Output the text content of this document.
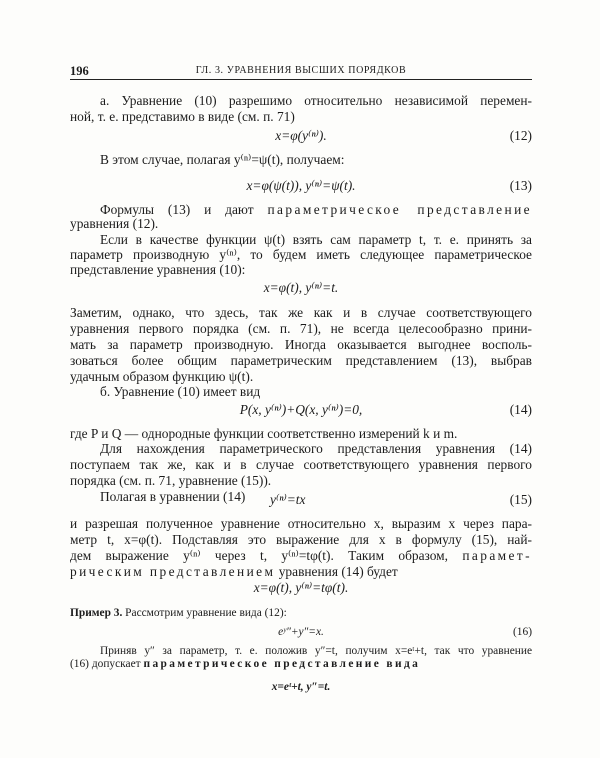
196	ГЛ. 3. УРАВНЕНИЯ ВЫСШИХ ПОРЯДКОВ
а. Уравнение (10) разрешимо относительно независимой перемен-
ной, т. е. представимо в виде (см. п. 71)
x=φ(y⁽ⁿ⁾).	(12)
В этом случае, полагая y⁽ⁿ⁾=ψ(t), получаем:
x=φ(ψ(t)), y⁽ⁿ⁾=ψ(t).	(13)
Формулы (13) и дают параметрическое представление
уравнения (12).
Если в качестве функции ψ(t) взять сам параметр t, т. е. принять за
параметр производную y⁽ⁿ⁾, то будем иметь следующее параметрическое
представление уравнения (10):
x=φ(t), y⁽ⁿ⁾=t.
Заметим, однако, что здесь, так же как и в случае соответствующего
уравнения первого порядка (см. п. 71), не всегда целесообразно прини-
мать за параметр производную. Иногда оказывается выгоднее восполь-
зоваться более общим параметрическим представлением (13), выбрав
удачным образом функцию ψ(t).
б. Уравнение (10) имеет вид
P(x, y⁽ⁿ⁾)+Q(x, y⁽ⁿ⁾)=0,	(14)
где P и Q — однородные функции соответственно измерений k и m.
Для нахождения параметрического представления уравнения (14)
поступаем так же, как и в случае соответствующего уравнения первого
порядка (см. п. 71, уравнение (15)).
Полагая в уравнении (14)	y⁽ⁿ⁾=tx	(15)
и разрешая полученное уравнение относительно x, выразим x через пара-
метр t, x=φ(t). Подставляя это выражение для x в формулу (15), най-
дем выражение y⁽ⁿ⁾ через t, y⁽ⁿ⁾=tφ(t). Таким образом, парамет-
рическим представлением уравнения (14) будет
x=φ(t), y⁽ⁿ⁾=tφ(t).
Пример 3. Рассмотрим уравнение вида (12):
eʸ″+y″=x.	(16)
Приняв y″ за параметр, т. е. положив y″=t, получим x=eᵗ+t, так что уравнение
(16) допускает параметрическое представление вида
x=eᵗ+t, y″=t.
